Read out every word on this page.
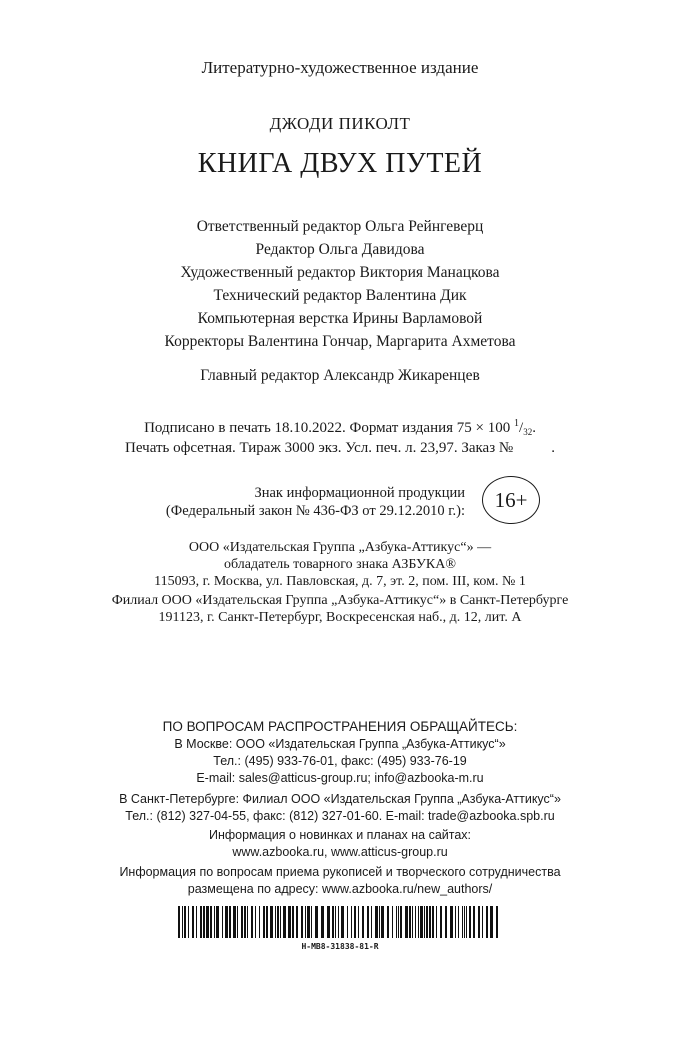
Литературно-художественное издание
ДЖОДИ ПИКОЛТ
КНИГА ДВУХ ПУТЕЙ
Ответственный редактор Ольга Рейнгеверц
Редактор Ольга Давидова
Художественный редактор Виктория Манацкова
Технический редактор Валентина Дик
Компьютерная верстка Ирины Варламовой
Корректоры Валентина Гончар, Маргарита Ахметова
Главный редактор Александр Жикаренцев
Подписано в печать 18.10.2022. Формат издания 75 × 100 $^1/_{32}$.
Печать офсетная. Тираж 3000 экз. Усл. печ. л. 23,97. Заказ №	.
Знак информационной продукции
(Федеральный закон № 436-ФЗ от 29.12.2010 г.): 16+
ООО «Издательская Группа „Азбука-Аттикус“» —
обладатель товарного знака АЗБУКА®
115093, г. Москва, ул. Павловская, д. 7, эт. 2, пом. III, ком. № 1
Филиал ООО «Издательская Группа „Азбука-Аттикус“» в Санкт-Петербурге
191123, г. Санкт-Петербург, Воскресенская наб., д. 12, лит. А
ПО ВОПРОСАМ РАСПРОСТРАНЕНИЯ ОБРАЩАЙТЕСЬ:
В Москве: ООО «Издательская Группа „Азбука-Аттикус“»
Тел.: (495) 933-76-01, факс: (495) 933-76-19
E-mail: sales@atticus-group.ru; info@azbooka-m.ru
В Санкт-Петербурге: Филиал ООО «Издательская Группа „Азбука-Аттикус“»
Тел.: (812) 327-04-55, факс: (812) 327-01-60. E-mail: trade@azbooka.spb.ru
Информация о новинках и планах на сайтах:
www.azbooka.ru, www.atticus-group.ru
Информация по вопросам приема рукописей и творческого сотрудничества
размещена по адресу: www.azbooka.ru/new_authors/
Н-МВ8-31838-81-R
